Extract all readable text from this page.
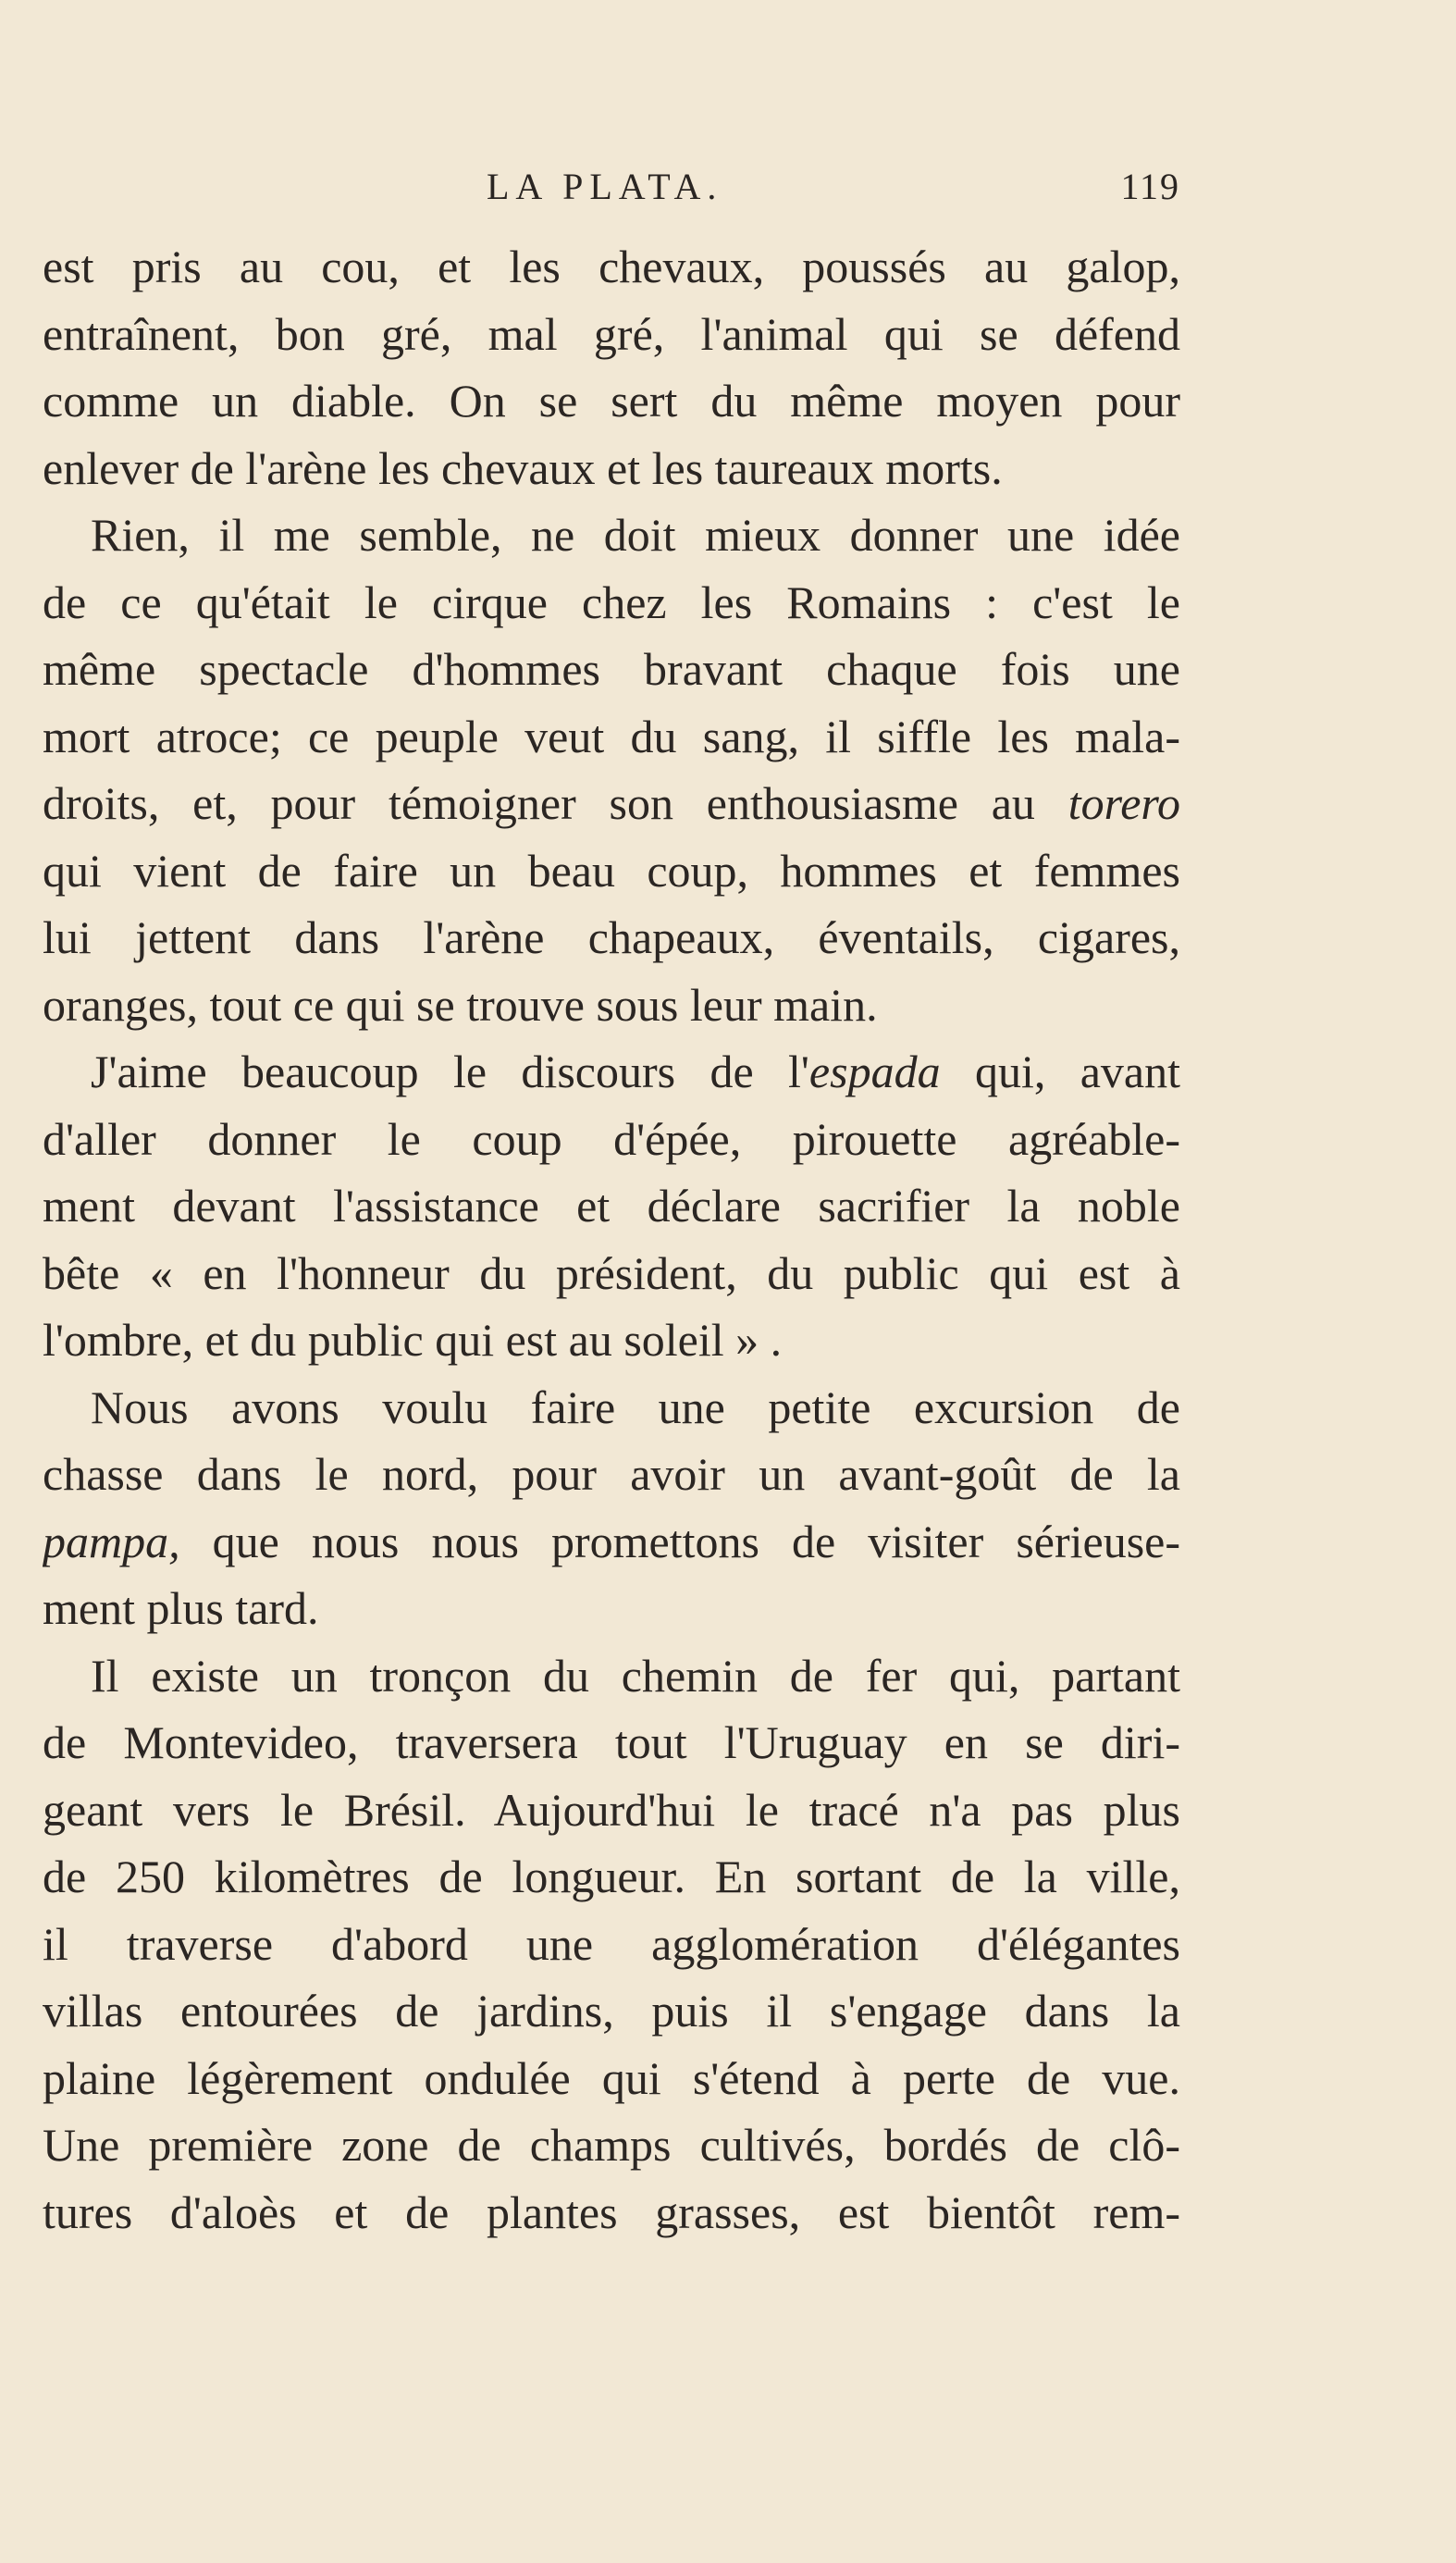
LA PLATA.	119
est pris au cou, et les chevaux, poussés au galop,
entraînent, bon gré, mal gré, l'animal qui se défend
comme un diable. On se sert du même moyen pour
enlever de l'arène les chevaux et les taureaux morts.
Rien, il me semble, ne doit mieux donner une idée
de ce qu'était le cirque chez les Romains : c'est le
même spectacle d'hommes bravant chaque fois une
mort atroce; ce peuple veut du sang, il siffle les mala-
droits, et, pour témoigner son enthousiasme au torero
qui vient de faire un beau coup, hommes et femmes
lui jettent dans l'arène chapeaux, éventails, cigares,
oranges, tout ce qui se trouve sous leur main.
J'aime beaucoup le discours de l'espada qui, avant
d'aller donner le coup d'épée, pirouette agréable-
ment devant l'assistance et déclare sacrifier la noble
bête « en l'honneur du président, du public qui est à
l'ombre, et du public qui est au soleil » .
Nous avons voulu faire une petite excursion de
chasse dans le nord, pour avoir un avant-goût de la
pampa, que nous nous promettons de visiter sérieuse-
ment plus tard.
Il existe un tronçon du chemin de fer qui, partant
de Montevideo, traversera tout l'Uruguay en se diri-
geant vers le Brésil. Aujourd'hui le tracé n'a pas plus
de 250 kilomètres de longueur. En sortant de la ville,
il traverse d'abord une agglomération d'élégantes
villas entourées de jardins, puis il s'engage dans la
plaine légèrement ondulée qui s'étend à perte de vue.
Une première zone de champs cultivés, bordés de clô-
tures d'aloès et de plantes grasses, est bientôt rem-
